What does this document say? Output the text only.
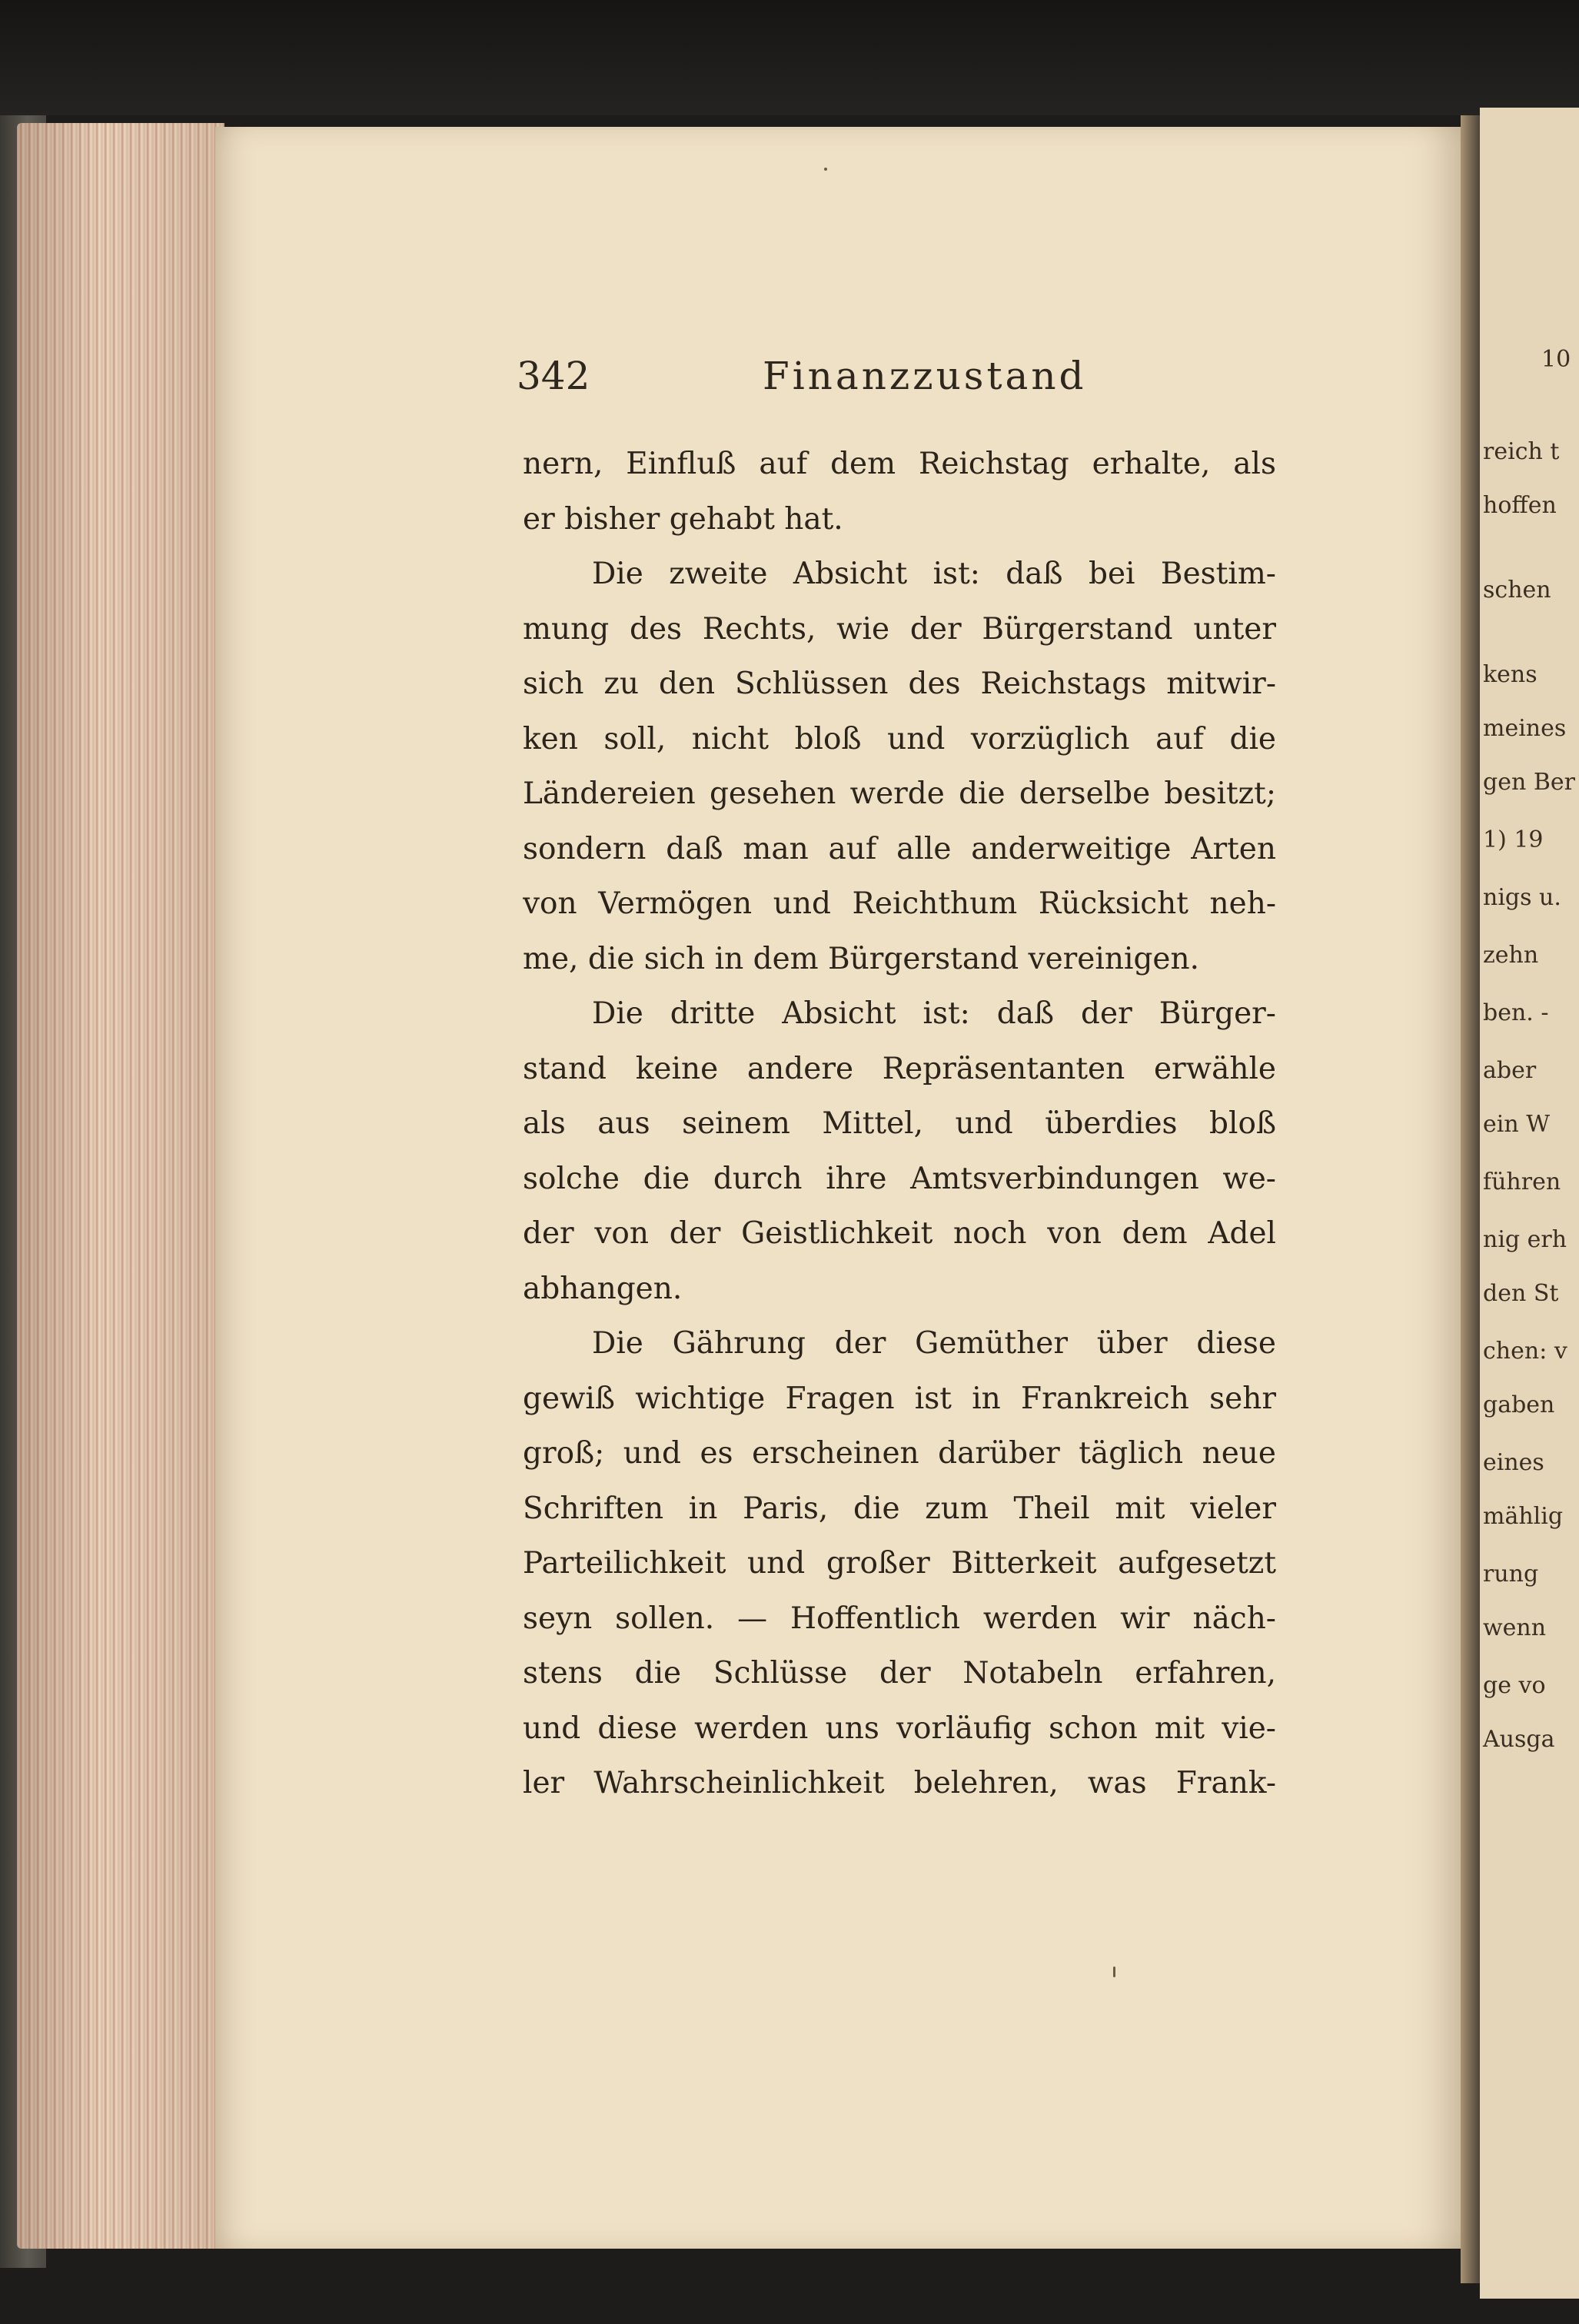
342	Finanzzustand
nern, Einfluß auf dem Reichstag erhalte, als
er bisher gehabt hat.
Die zweite Absicht ist: daß bei Bestim-
mung des Rechts, wie der Bürgerstand unter
sich zu den Schlüssen des Reichstags mitwir-
ken soll, nicht bloß und vorzüglich auf die
Ländereien gesehen werde die derselbe besitzt;
sondern daß man auf alle anderweitige Arten
von Vermögen und Reichthum Rücksicht neh-
me, die sich in dem Bürgerstand vereinigen.
Die dritte Absicht ist: daß der Bürger-
stand keine andere Repräsentanten erwähle
als aus seinem Mittel, und überdies bloß
solche die durch ihre Amtsverbindungen we-
der von der Geistlichkeit noch von dem Adel
abhangen.
Die Gährung der Gemüther über diese
gewiß wichtige Fragen ist in Frankreich sehr
groß; und es erscheinen darüber täglich neue
Schriften in Paris, die zum Theil mit vieler
Parteilichkeit und großer Bitterkeit aufgesetzt
seyn sollen. — Hoffentlich werden wir näch-
stens die Schlüsse der Notabeln erfahren,
und diese werden uns vorläufig schon mit vie-
ler Wahrscheinlichkeit belehren, was Frank-
10
reich t
hoffen
schen
kens
meines
gen Ber
1) 19
nigs u.
zehn
ben. -
aber
ein W
führen
nig erh
den St
chen: v
gaben
eines
mählig
rung
wenn
ge vo
Ausga
